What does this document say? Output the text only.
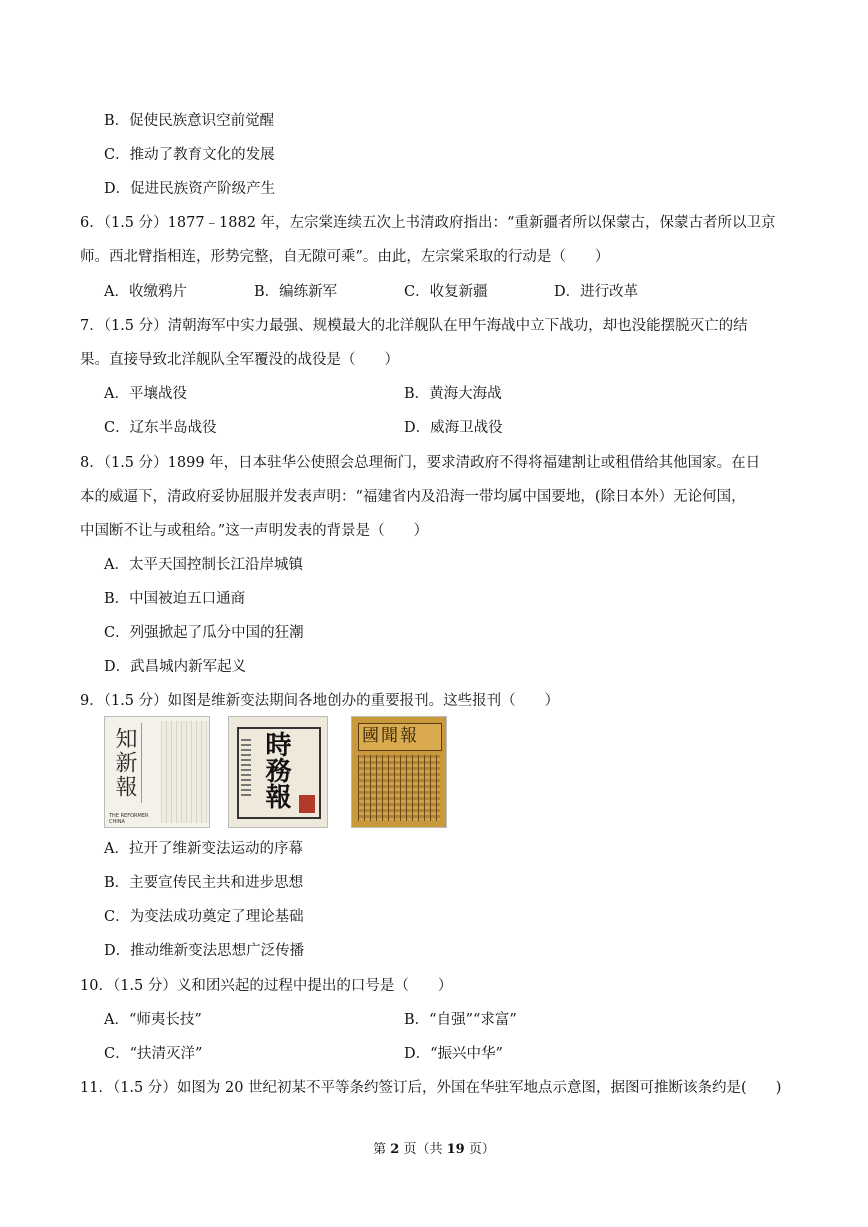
B．促使民族意识空前觉醒
C．推动了教育文化的发展
D．促进民族资产阶级产生
6．（1.5 分）1877﹣1882 年，左宗棠连续五次上书清政府指出：“重新疆者所以保蒙古，保蒙古者所以卫京
师。西北臂指相连，形势完整，自无隙可乘”。由此，左宗棠采取的行动是（　　）
A．收缴鸦片	B．编练新军	C．收复新疆	D．进行改革
7．（1.5 分）清朝海军中实力最强、规模最大的北洋舰队在甲午海战中立下战功，却也没能摆脱灭亡的结
果。直接导致北洋舰队全军覆没的战役是（　　）
A．平壤战役	B．黄海大海战
C．辽东半岛战役	D．威海卫战役
8．（1.5 分）1899 年，日本驻华公使照会总理衙门，要求清政府不得将福建割让或租借给其他国家。在日
本的威逼下，清政府妥协屈服并发表声明：“福建省内及沿海一带均属中国要地，(除日本外）无论何国，
中国断不让与或租给。”这一声明发表的背景是（　　）
A．太平天国控制长江沿岸城镇
B．中国被迫五口通商
C．列强掀起了瓜分中国的狂潮
D．武昌城内新军起义
9．（1.5 分）如图是维新变法期间各地创办的重要报刊。这些报刊（　　）
知新報
THE REFORMER CHINA
時務報	國聞報
A．拉开了维新变法运动的序幕
B．主要宣传民主共和进步思想
C．为变法成功奠定了理论基础
D．推动维新变法思想广泛传播
10．（1.5 分）义和团兴起的过程中提出的口号是（　　）
A．“师夷长技”	B．“自强”“求富”
C．“扶清灭洋”	D．“振兴中华”
11．（1.5 分）如图为 20 世纪初某不平等条约签订后，外国在华驻军地点示意图，据图可推断该条约是(　　)
第 2 页（共 19 页）
